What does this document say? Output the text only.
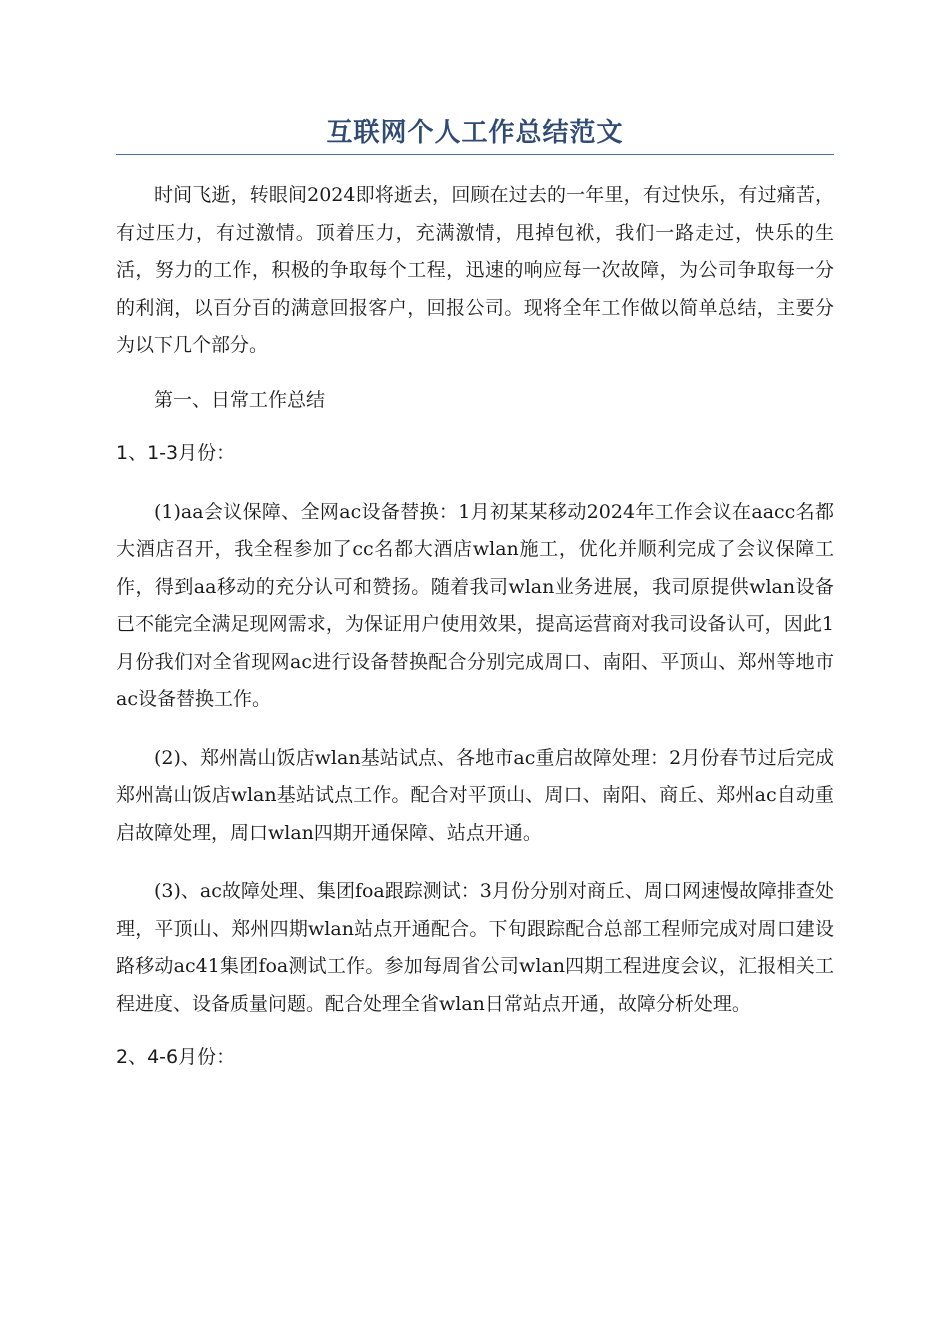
互联网个人工作总结范文

时间飞逝，转眼间2024即将逝去，回顾在过去的一年里，有过快乐，有过痛苦，有过压力，有过激情。顶着压力，充满激情，甩掉包袱，我们一路走过，快乐的生活，努力的工作，积极的争取每个工程，迅速的响应每一次故障，为公司争取每一分的利润，以百分百的满意回报客户，回报公司。现将全年工作做以简单总结，主要分为以下几个部分。

第一、日常工作总结

1、1-3月份：

(1)aa会议保障、全网ac设备替换：1月初某某移动2024年工作会议在aacc名都大酒店召开，我全程参加了cc名都大酒店wlan施工，优化并顺利完成了会议保障工作，得到aa移动的充分认可和赞扬。随着我司wlan业务进展，我司原提供wlan设备已不能完全满足现网需求，为保证用户使用效果，提高运营商对我司设备认可，因此1月份我们对全省现网ac进行设备替换配合分别完成周口、南阳、平顶山、郑州等地市ac设备替换工作。

(2)、郑州嵩山饭店wlan基站试点、各地市ac重启故障处理：2月份春节过后完成郑州嵩山饭店wlan基站试点工作。配合对平顶山、周口、南阳、商丘、郑州ac自动重启故障处理，周口wlan四期开通保障、站点开通。

(3)、ac故障处理、集团foa跟踪测试：3月份分别对商丘、周口网速慢故障排查处理，平顶山、郑州四期wlan站点开通配合。下旬跟踪配合总部工程师完成对周口建设路移动ac41集团foa测试工作。参加每周省公司wlan四期工程进度会议，汇报相关工程进度、设备质量问题。配合处理全省wlan日常站点开通，故障分析处理。

2、4-6月份：
